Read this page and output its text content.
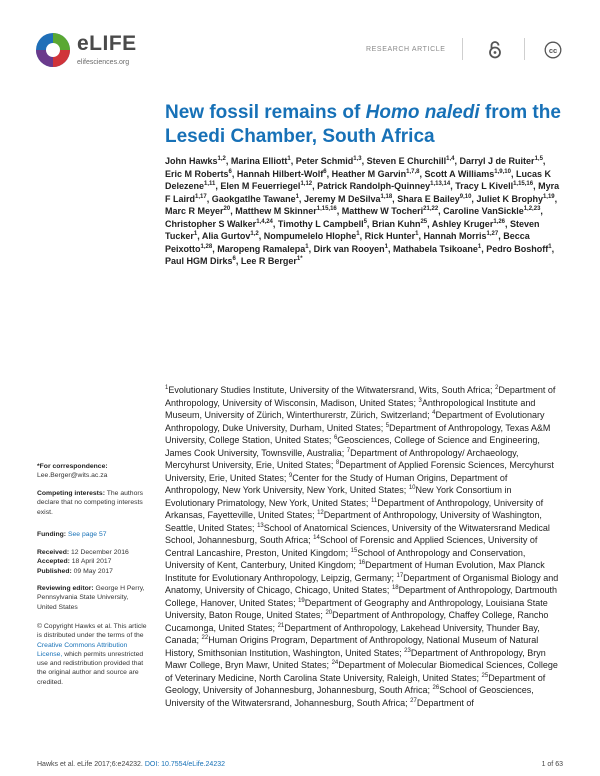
eLIFE
elifesciences.org
RESEARCH ARTICLE	cc
New fossil remains of Homo naledi from the Lesedi Chamber, South Africa

John Hawks$^{1,2}$, Marina Elliott$^1$, Peter Schmid$^{1,3}$, Steven E Churchill$^{1,4}$, Darryl J de Ruiter$^{1,5}$, Eric M Roberts$^6$, Hannah Hilbert-Wolf$^6$, Heather M Garvin$^{1,7,8}$, Scott A Williams$^{1,9,10}$, Lucas K Delezene$^{1,11}$, Elen M Feuerriegel$^{1,12}$, Patrick Randolph-Quinney$^{1,13,14}$, Tracy L Kivell$^{1,15,16}$, Myra F Laird$^{1,17}$, Gaokgatlhe Tawane$^1$, Jeremy M DeSilva$^{1,18}$, Shara E Bailey$^{9,10}$, Juliet K Brophy$^{1,19}$, Marc R Meyer$^{20}$, Matthew M Skinner$^{1,15,16}$, Matthew W Tocheri$^{21,22}$, Caroline VanSickle$^{1,2,23}$, Christopher S Walker$^{1,4,24}$, Timothy L Campbell$^5$, Brian Kuhn$^{25}$, Ashley Kruger$^{1,26}$, Steven Tucker$^1$, Alia Gurtov$^{1,2}$, Nompumelelo Hlophe$^1$, Rick Hunter$^1$, Hannah Morris$^{1,27}$, Becca Peixotto$^{1,28}$, Maropeng Ramalepa$^1$, Dirk van Rooyen$^1$, Mathabela Tsikoane$^1$, Pedro Boshoff$^1$, Paul HGM Dirks$^6$, Lee R Berger$^{1*}$

$^1$Evolutionary Studies Institute, University of the Witwatersrand, Wits, South Africa; $^2$Department of Anthropology, University of Wisconsin, Madison, United States; $^3$Anthropological Institute and Museum, University of Zürich, Winterthurerstr, Zürich, Switzerland; $^4$Department of Evolutionary Anthropology, Duke University, Durham, United States; $^5$Department of Anthropology, Texas A&M University, College Station, United States; $^6$Geosciences, College of Science and Engineering, James Cook University, Townsville, Australia; $^7$Department of Anthropology/ Archaeology, Mercyhurst University, Erie, United States; $^8$Department of Applied Forensic Sciences, Mercyhurst University, Erie, United States; $^9$Center for the Study of Human Origins, Department of Anthropology, New York University, New York, United States; $^{10}$New York Consortium in Evolutionary Primatology, New York, United States; $^{11}$Department of Anthropology, University of Arkansas, Fayetteville, United States; $^{12}$Department of Anthropology, University of Washington, Seattle, United States; $^{13}$School of Anatomical Sciences, University of the Witwatersrand Medical School, Johannesburg, South Africa; $^{14}$School of Forensic and Applied Sciences, University of Central Lancashire, Preston, United Kingdom; $^{15}$School of Anthropology and Conservation, University of Kent, Canterbury, United Kingdom; $^{16}$Department of Human Evolution, Max Planck Institute for Evolutionary Anthropology, Leipzig, Germany; $^{17}$Department of Organismal Biology and Anatomy, University of Chicago, Chicago, United States; $^{18}$Department of Anthropology, Dartmouth College, Hanover, United States; $^{19}$Department of Geography and Anthropology, Louisiana State University, Baton Rouge, United States; $^{20}$Department of Anthropology, Chaffey College, Rancho Cucamonga, United States; $^{21}$Department of Anthropology, Lakehead University, Thunder Bay, Canada; $^{22}$Human Origins Program, Department of Anthropology, National Museum of Natural History, Smithsonian Institution, Washington, United States; $^{23}$Department of Anthropology, Bryn Mawr College, Bryn Mawr, United States; $^{24}$Department of Molecular Biomedical Sciences, College of Veterinary Medicine, North Carolina State University, Raleigh, United States; $^{25}$Department of Geology, University of Johannesburg, Johannesburg, South Africa; $^{26}$School of Geosciences, University of the Witwatersrand, Johannesburg, South Africa; $^{27}$Department of

*For correspondence: Lee.Berger@wits.ac.za
Competing interests: The authors declare that no competing interests exist.
Funding: See page 57
Received: 12 December 2016
Accepted: 18 April 2017
Published: 09 May 2017
Reviewing editor: George H Perry, Pennsylvania State University, United States
© Copyright Hawks et al. This article is distributed under the terms of the Creative Commons Attribution License, which permits unrestricted use and redistribution provided that the original author and source are credited.
Hawks et al. eLife 2017;6:e24232. DOI: 10.7554/eLife.24232	1 of 63
